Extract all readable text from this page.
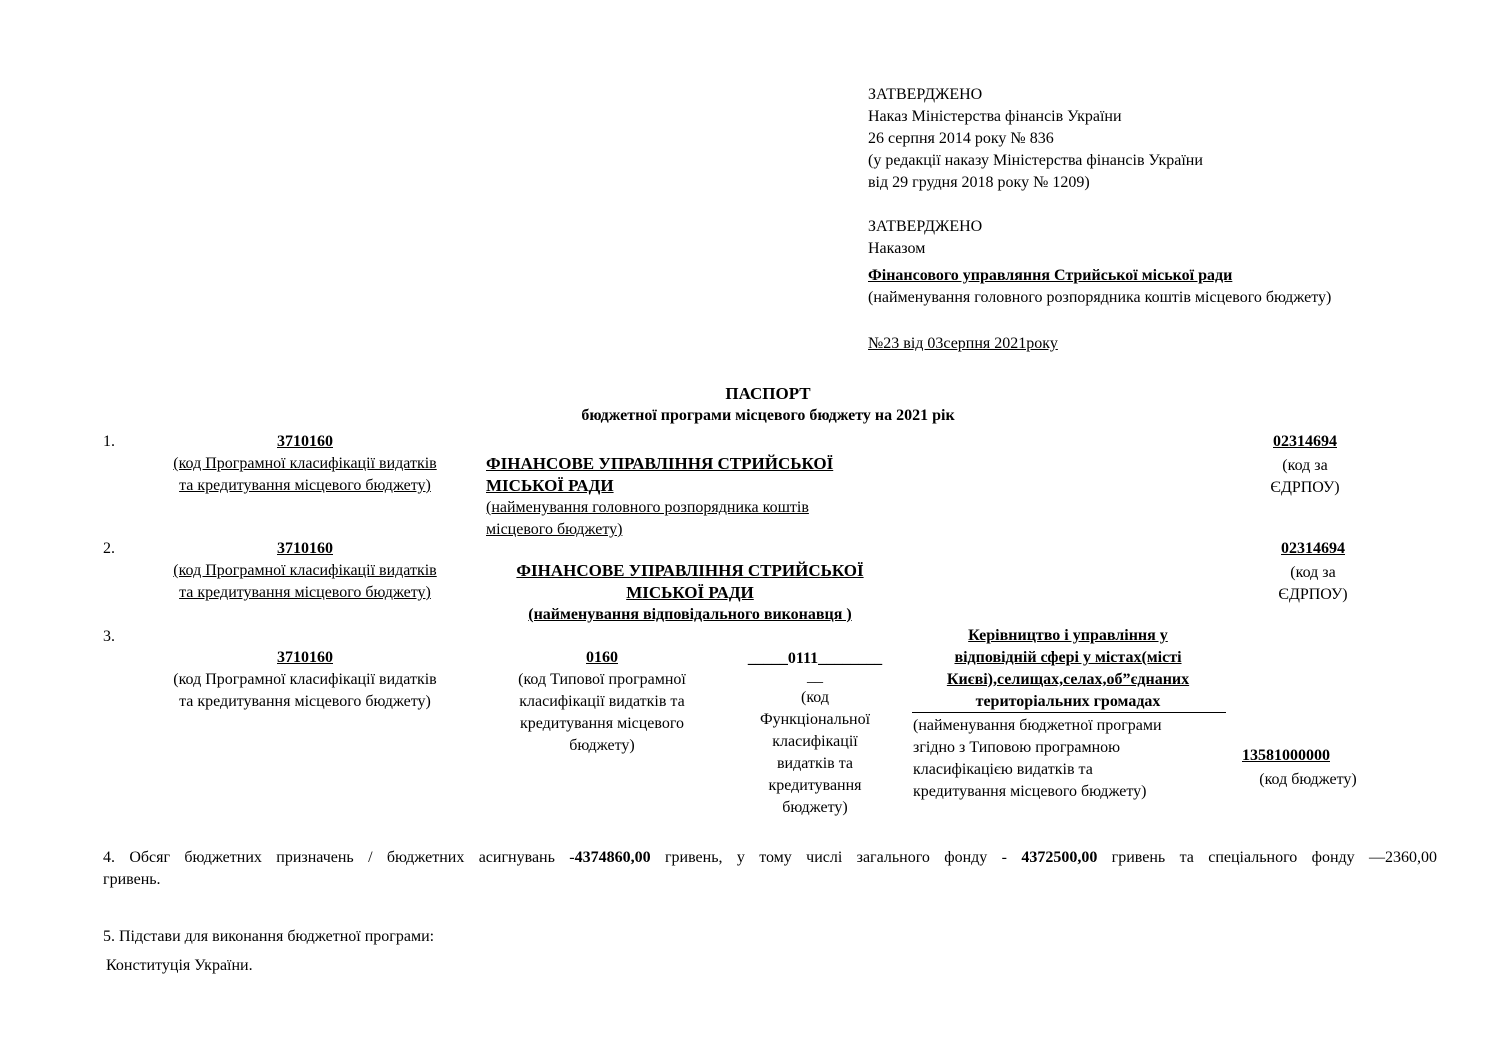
ЗАТВЕРДЖЕНО
Наказ Міністерства фінансів України
26 серпня 2014 року № 836
(у редакції наказу Міністерства фінансів України
від 29 грудня 2018 року № 1209)
ЗАТВЕРДЖЕНО
Наказом
Фінансового управляння Стрийської міської ради
(найменування головного розпорядника коштів місцевого бюджету)
№23 від 03серпня 2021року
ПАСПОРТ
бюджетної програми місцевого бюджету на 2021 рік
1.	3710160
(код Програмної класифікації видатків
та кредитування місцевого бюджету)
ФІНАНСОВЕ УПРАВЛІННЯ СТРИЙСЬКОЇ
МІСЬКОЇ РАДИ
(найменування головного розпорядника коштів
місцевого бюджету)
02314694
(код за
ЄДРПОУ)
2.	3710160
(код Програмної класифікації видатків
та кредитування місцевого бюджету)
ФІНАНСОВЕ УПРАВЛІННЯ СТРИЙСЬКОЇ
МІСЬКОЇ РАДИ
(найменування відповідального виконавця )
02314694
(код за
ЄДРПОУ)
3.
3710160
(код Програмної класифікації видатків
та кредитування місцевого бюджету)
0160
(код Типової програмної
класифікації видатків та
кредитування місцевого
бюджету)
_____0111________
__
(код
Функціональної
класифікації
видатків та
кредитування
бюджету)
Керівництво і управління у
відповідній сфері у містах(місті
Києві),селищах,селах,об”єднаних
територіальних громадах
(найменування бюджетної програми
згідно з Типовою програмною
класифікацією видатків та
кредитування місцевого бюджету)
13581000000
(код бюджету)
4. Обсяг бюджетних призначень / бюджетних асигнувань -4374860,00 гривень, у тому числі загального фонду - 4372500,00 гривень та спеціального фонду —2360,00
гривень.
5. Підстави для виконання бюджетної програми:
Конституція України.
